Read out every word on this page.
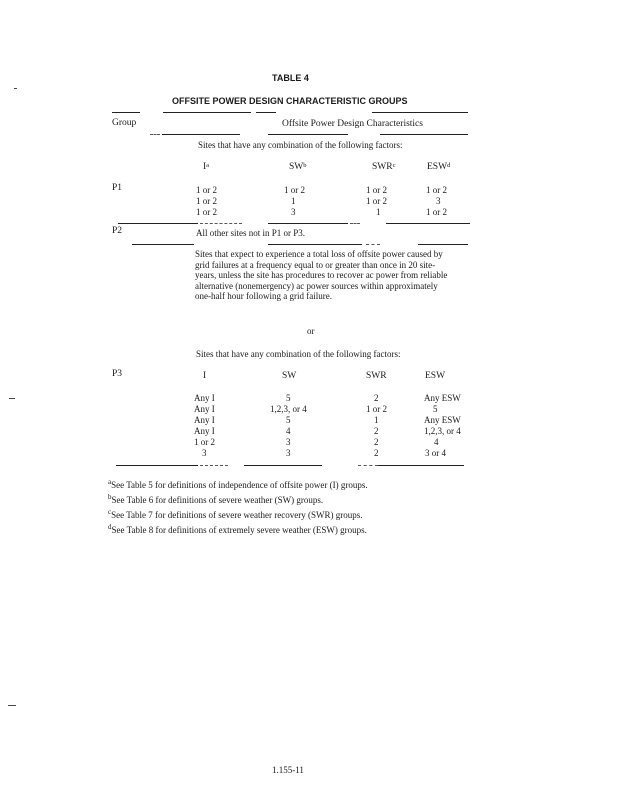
TABLE 4
OFFSITE POWER DESIGN CHARACTERISTIC GROUPS
Group	Offsite Power Design Characteristics
Sites that have any combination of the following factors:
$I^a$	$SW^b$	SWR$^c$	ESW$^d$
P1	1 or 2	1 or 2	1 or 2	1 or 2
1 or 2	1	1 or 2	3
1 or 2	3	1	1 or 2
P2	All other sites not in P1 or P3.
Sites that expect to experience a total loss of offsite power caused by grid failures at a frequency equal to or greater than once in 20 site-years, unless the site has procedures to recover ac power from reliable alternative (nonemergency) ac power sources within approximately one-half hour following a grid failure.
or
Sites that have any combination of the following factors:
P3	I	SW	SWR	ESW
Any I	5	2	Any ESW
Any I	1,2,3, or 4	1 or 2	5
Any I	5	1	Any ESW
Any I	4	2	1,2,3, or 4
1 or 2	3	2	4
3	3	2	3 or 4
$^a$See Table 5 for definitions of independence of offsite power (I) groups.
$^b$See Table 6 for definitions of severe weather (SW) groups.
$^c$See Table 7 for definitions of severe weather recovery (SWR) groups.
$^d$See Table 8 for definitions of extremely severe weather (ESW) groups.
1.155-11
